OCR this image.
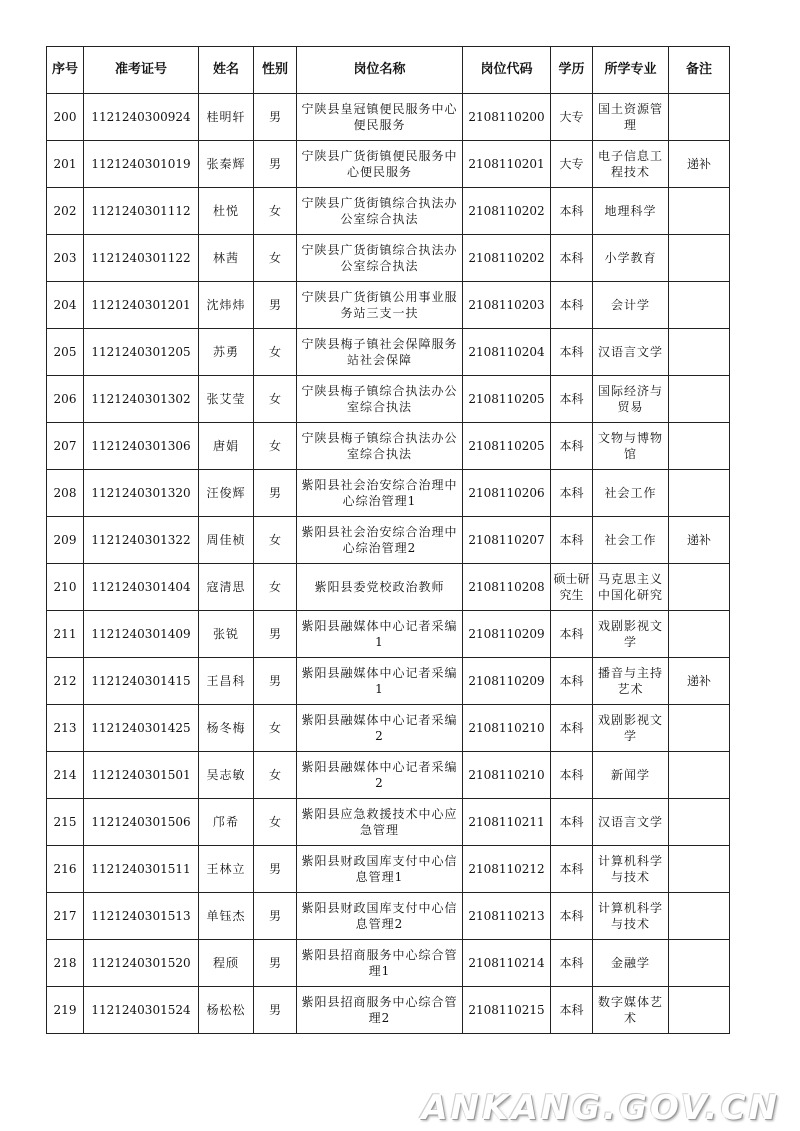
序号	准考证号	姓名	性别	岗位名称	岗位代码	学历	所学专业	备注
200	1121240300924	桂明轩	男	宁陕县皇冠镇便民服务中心便民服务	2108110200	大专	国土资源管理	
201	1121240301019	张秦辉	男	宁陕县广货街镇便民服务中心便民服务	2108110201	大专	电子信息工程技术	递补
202	1121240301112	杜悦	女	宁陕县广货街镇综合执法办公室综合执法	2108110202	本科	地理科学	
203	1121240301122	林茜	女	宁陕县广货街镇综合执法办公室综合执法	2108110202	本科	小学教育	
204	1121240301201	沈炜炜	男	宁陕县广货街镇公用事业服务站三支一扶	2108110203	本科	会计学	
205	1121240301205	苏勇	女	宁陕县梅子镇社会保障服务站社会保障	2108110204	本科	汉语言文学	
206	1121240301302	张艾莹	女	宁陕县梅子镇综合执法办公室综合执法	2108110205	本科	国际经济与贸易	
207	1121240301306	唐娟	女	宁陕县梅子镇综合执法办公室综合执法	2108110205	本科	文物与博物馆	
208	1121240301320	汪俊辉	男	紫阳县社会治安综合治理中心综治管理1	2108110206	本科	社会工作	
209	1121240301322	周佳桢	女	紫阳县社会治安综合治理中心综治管理2	2108110207	本科	社会工作	递补
210	1121240301404	寇清思	女	紫阳县委党校政治教师	2108110208	硕士研究生	马克思主义中国化研究	
211	1121240301409	张锐	男	紫阳县融媒体中心记者采编1	2108110209	本科	戏剧影视文学	
212	1121240301415	王昌科	男	紫阳县融媒体中心记者采编1	2108110209	本科	播音与主持艺术	递补
213	1121240301425	杨冬梅	女	紫阳县融媒体中心记者采编2	2108110210	本科	戏剧影视文学	
214	1121240301501	吴志敏	女	紫阳县融媒体中心记者采编2	2108110210	本科	新闻学	
215	1121240301506	邝希	女	紫阳县应急救援技术中心应急管理	2108110211	本科	汉语言文学	
216	1121240301511	王林立	男	紫阳县财政国库支付中心信息管理1	2108110212	本科	计算机科学与技术	
217	1121240301513	单钰杰	男	紫阳县财政国库支付中心信息管理2	2108110213	本科	计算机科学与技术	
218	1121240301520	程颀	男	紫阳县招商服务中心综合管理1	2108110214	本科	金融学	
219	1121240301524	杨松松	男	紫阳县招商服务中心综合管理2	2108110215	本科	数字媒体艺术	
ANKANG.GOV.CN
